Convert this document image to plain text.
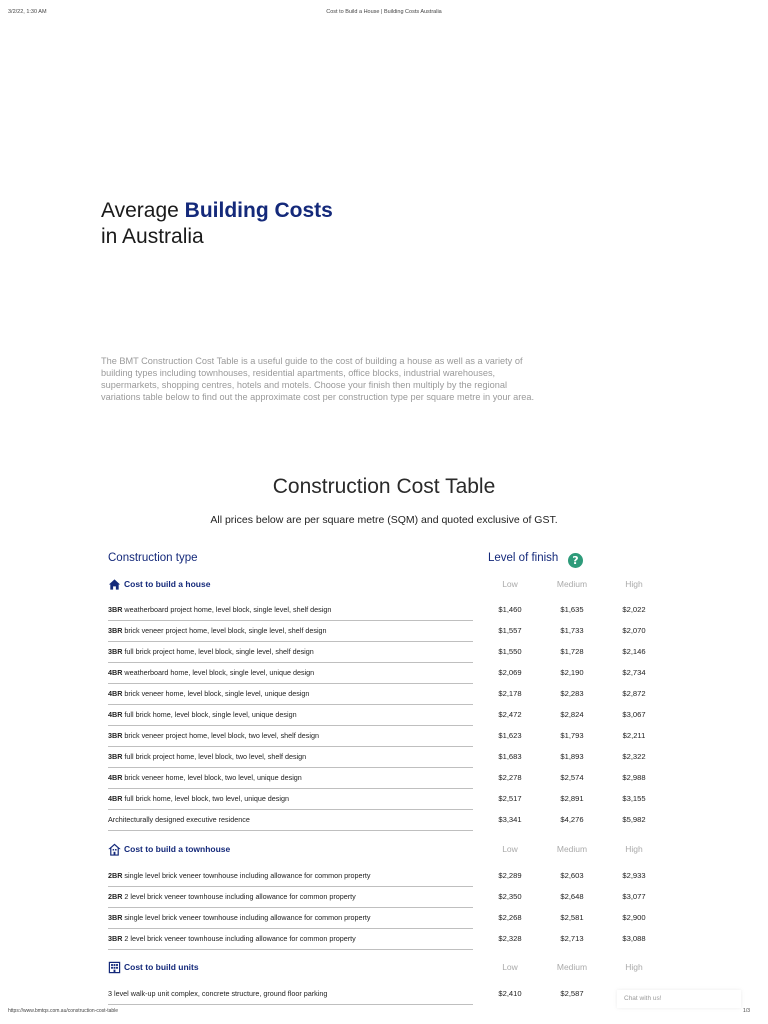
3/2/22, 1:30 AM	Cost to Build a House | Building Costs Australia
Average Building Costs
in Australia

The BMT Construction Cost Table is a useful guide to the cost of building a house as well as a variety of building types including townhouses, residential apartments, office blocks, industrial warehouses, supermarkets, shopping centres, hotels and motels. Choose your finish then multiply by the regional variations table below to find out the approximate cost per construction type per square metre in your area.

Construction Cost Table
All prices below are per square metre (SQM) and quoted exclusive of GST.
Construction type	Level of finish	?
Cost to build a house	Low	Medium	High
3BR weatherboard project home, level block, single level, shelf design	$1,460	$1,635	$2,022
3BR brick veneer project home, level block, single level, shelf design	$1,557	$1,733	$2,070
3BR full brick project home, level block, single level, shelf design	$1,550	$1,728	$2,146
4BR weatherboard home, level block, single level, unique design	$2,069	$2,190	$2,734
4BR brick veneer home, level block, single level, unique design	$2,178	$2,283	$2,872
4BR full brick home, level block, single level, unique design	$2,472	$2,824	$3,067
3BR brick veneer project home, level block, two level, shelf design	$1,623	$1,793	$2,211
3BR full brick project home, level block, two level, shelf design	$1,683	$1,893	$2,322
4BR brick veneer home, level block, two level, unique design	$2,278	$2,574	$2,988
4BR full brick home, level block, two level, unique design	$2,517	$2,891	$3,155
Architecturally designed executive residence	$3,341	$4,276	$5,982
Cost to build a townhouse	Low	Medium	High
2BR single level brick veneer townhouse including allowance for common property	$2,289	$2,603	$2,933
2BR 2 level brick veneer townhouse including allowance for common property	$2,350	$2,648	$3,077
3BR single level brick veneer townhouse including allowance for common property	$2,268	$2,581	$2,900
3BR 2 level brick veneer townhouse including allowance for common property	$2,328	$2,713	$3,088
Cost to build units	Low	Medium	High
3 level walk-up unit complex, concrete structure, ground floor parking	$2,410	$2,587
Chat with us!
https://www.bmtqs.com.au/construction-cost-table	1/3
